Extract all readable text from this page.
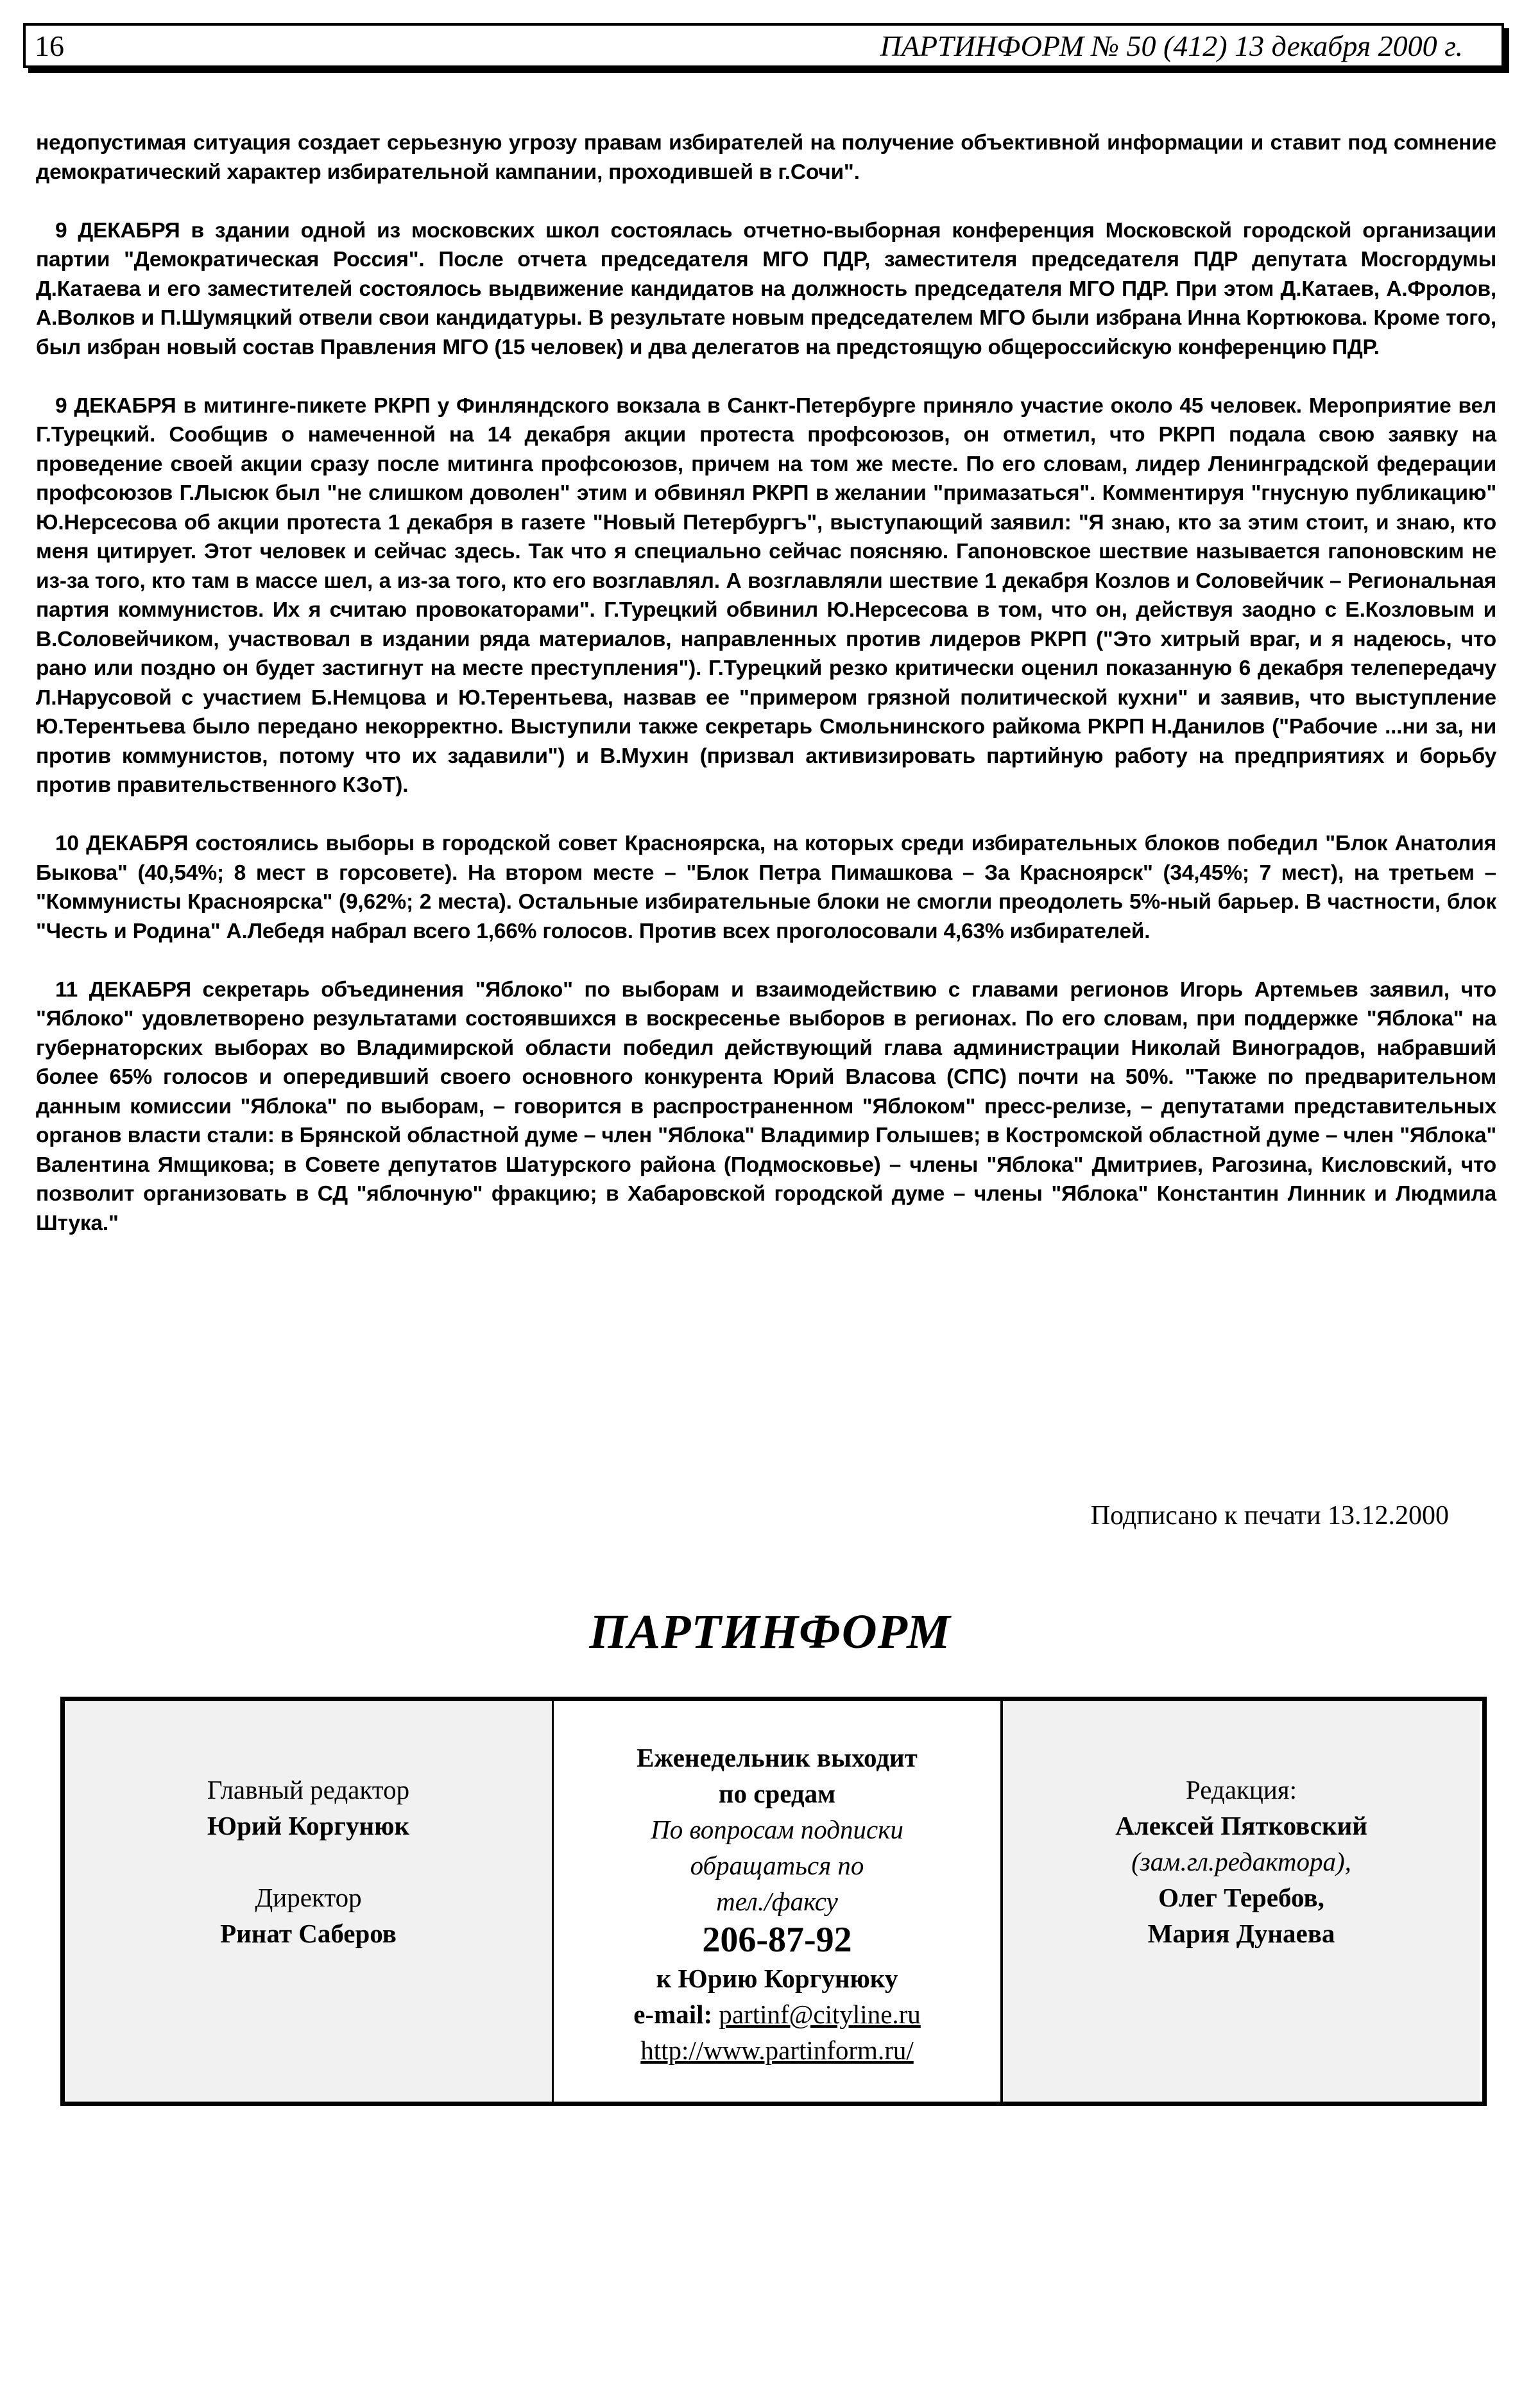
16	ПАРТИНФОРМ № 50 (412) 13 декабря 2000 г.

недопустимая ситуация создает серьезную угрозу правам избирателей на получение объективной информации и ставит под сомнение демократический характер избирательной кампании, проходившей в г.Сочи".

9 ДЕКАБРЯ в здании одной из московских школ состоялась отчетно-выборная конференция Московской городской организации партии "Демократическая Россия". После отчета председателя МГО ПДР, заместителя председателя ПДР депутата Мосгордумы Д.Катаева и его заместителей состоялось выдвижение кандидатов на должность председателя МГО ПДР. При этом Д.Катаев, А.Фролов, А.Волков и П.Шумяцкий отвели свои кандидатуры. В результате новым председателем МГО были избрана Инна Кортюкова. Кроме того, был избран новый состав Правления МГО (15 человек) и два делегатов на предстоящую общероссийскую конференцию ПДР.

9 ДЕКАБРЯ в митинге-пикете РКРП у Финляндского вокзала в Санкт-Петербурге приняло участие около 45 человек. Мероприятие вел Г.Турецкий. Сообщив о намеченной на 14 декабря акции протеста профсоюзов, он отметил, что РКРП подала свою заявку на проведение своей акции сразу после митинга профсоюзов, причем на том же месте. По его словам, лидер Ленинградской федерации профсоюзов Г.Лысюк был "не слишком доволен" этим и обвинял РКРП в желании "примазаться". Комментируя "гнусную публикацию" Ю.Нерсесова об акции протеста 1 декабря в газете "Новый Петербургъ", выступающий заявил: "Я знаю, кто за этим стоит, и знаю, кто меня цитирует. Этот человек и сейчас здесь. Так что я специально сейчас поясняю. Гапоновское шествие называется гапоновским не из-за того, кто там в массе шел, а из-за того, кто его возглавлял. А возглавляли шествие 1 декабря Козлов и Соловейчик – Региональная партия коммунистов. Их я считаю провокаторами". Г.Турецкий обвинил Ю.Нерсесова в том, что он, действуя заодно с Е.Козловым и В.Соловейчиком, участвовал в издании ряда материалов, направленных против лидеров РКРП ("Это хитрый враг, и я надеюсь, что рано или поздно он будет застигнут на месте преступления"). Г.Турецкий резко критически оценил показанную 6 декабря телепередачу Л.Нарусовой с участием Б.Немцова и Ю.Терентьева, назвав ее "примером грязной политической кухни" и заявив, что выступление Ю.Терентьева было передано некорректно. Выступили также секретарь Смольнинского райкома РКРП Н.Данилов ("Рабочие ...ни за, ни против коммунистов, потому что их задавили") и В.Мухин (призвал активизировать партийную работу на предприятиях и борьбу против правительственного КЗоТ).

10 ДЕКАБРЯ состоялись выборы в городской совет Красноярска, на которых среди избирательных блоков победил "Блок Анатолия Быкова" (40,54%; 8 мест в горсовете). На втором месте – "Блок Петра Пимашкова – За Красноярск" (34,45%; 7 мест), на третьем – "Коммунисты Красноярска" (9,62%; 2 места). Остальные избирательные блоки не смогли преодолеть 5%-ный барьер. В частности, блок "Честь и Родина" А.Лебедя набрал всего 1,66% голосов. Против всех проголосовали 4,63% избирателей.

11 ДЕКАБРЯ секретарь объединения "Яблоко" по выборам и взаимодействию с главами регионов Игорь Артемьев заявил, что "Яблоко" удовлетворено результатами состоявшихся в воскресенье выборов в регионах. По его словам, при поддержке "Яблока" на губернаторских выборах во Владимирской области победил действующий глава администрации Николай Виноградов, набравший более 65% голосов и опередивший своего основного конкурента Юрий Власова (СПС) почти на 50%. "Также по предварительном данным комиссии "Яблока" по выборам, – говорится в распространенном "Яблоком" пресс-релизе, – депутатами представительных органов власти стали: в Брянской областной думе – член "Яблока" Владимир Голышев; в Костромской областной думе – член "Яблока" Валентина Ямщикова; в Совете депутатов Шатурского района (Подмосковье) – члены "Яблока" Дмитриев, Рагозина, Кисловский, что позволит организовать в СД "яблочную" фракцию; в Хабаровской городской думе – члены "Яблока" Константин Линник и Людмила Штука."

Подписано к печати 13.12.2000
ПАРТИНФОРМ
Главный редактор
Юрий Коргунюк
Директор
Ринат Саберов
Еженедельник выходит
по средам
По вопросам подписки
обращаться по
тел./факсу
206-87-92
к Юрию Коргунюку
e-mail: partinf@cityline.ru
http://www.partinform.ru/
Редакция:
Алексей Пятковский
(зам.гл.редактора),
Олег Теребов,
Мария Дунаева
